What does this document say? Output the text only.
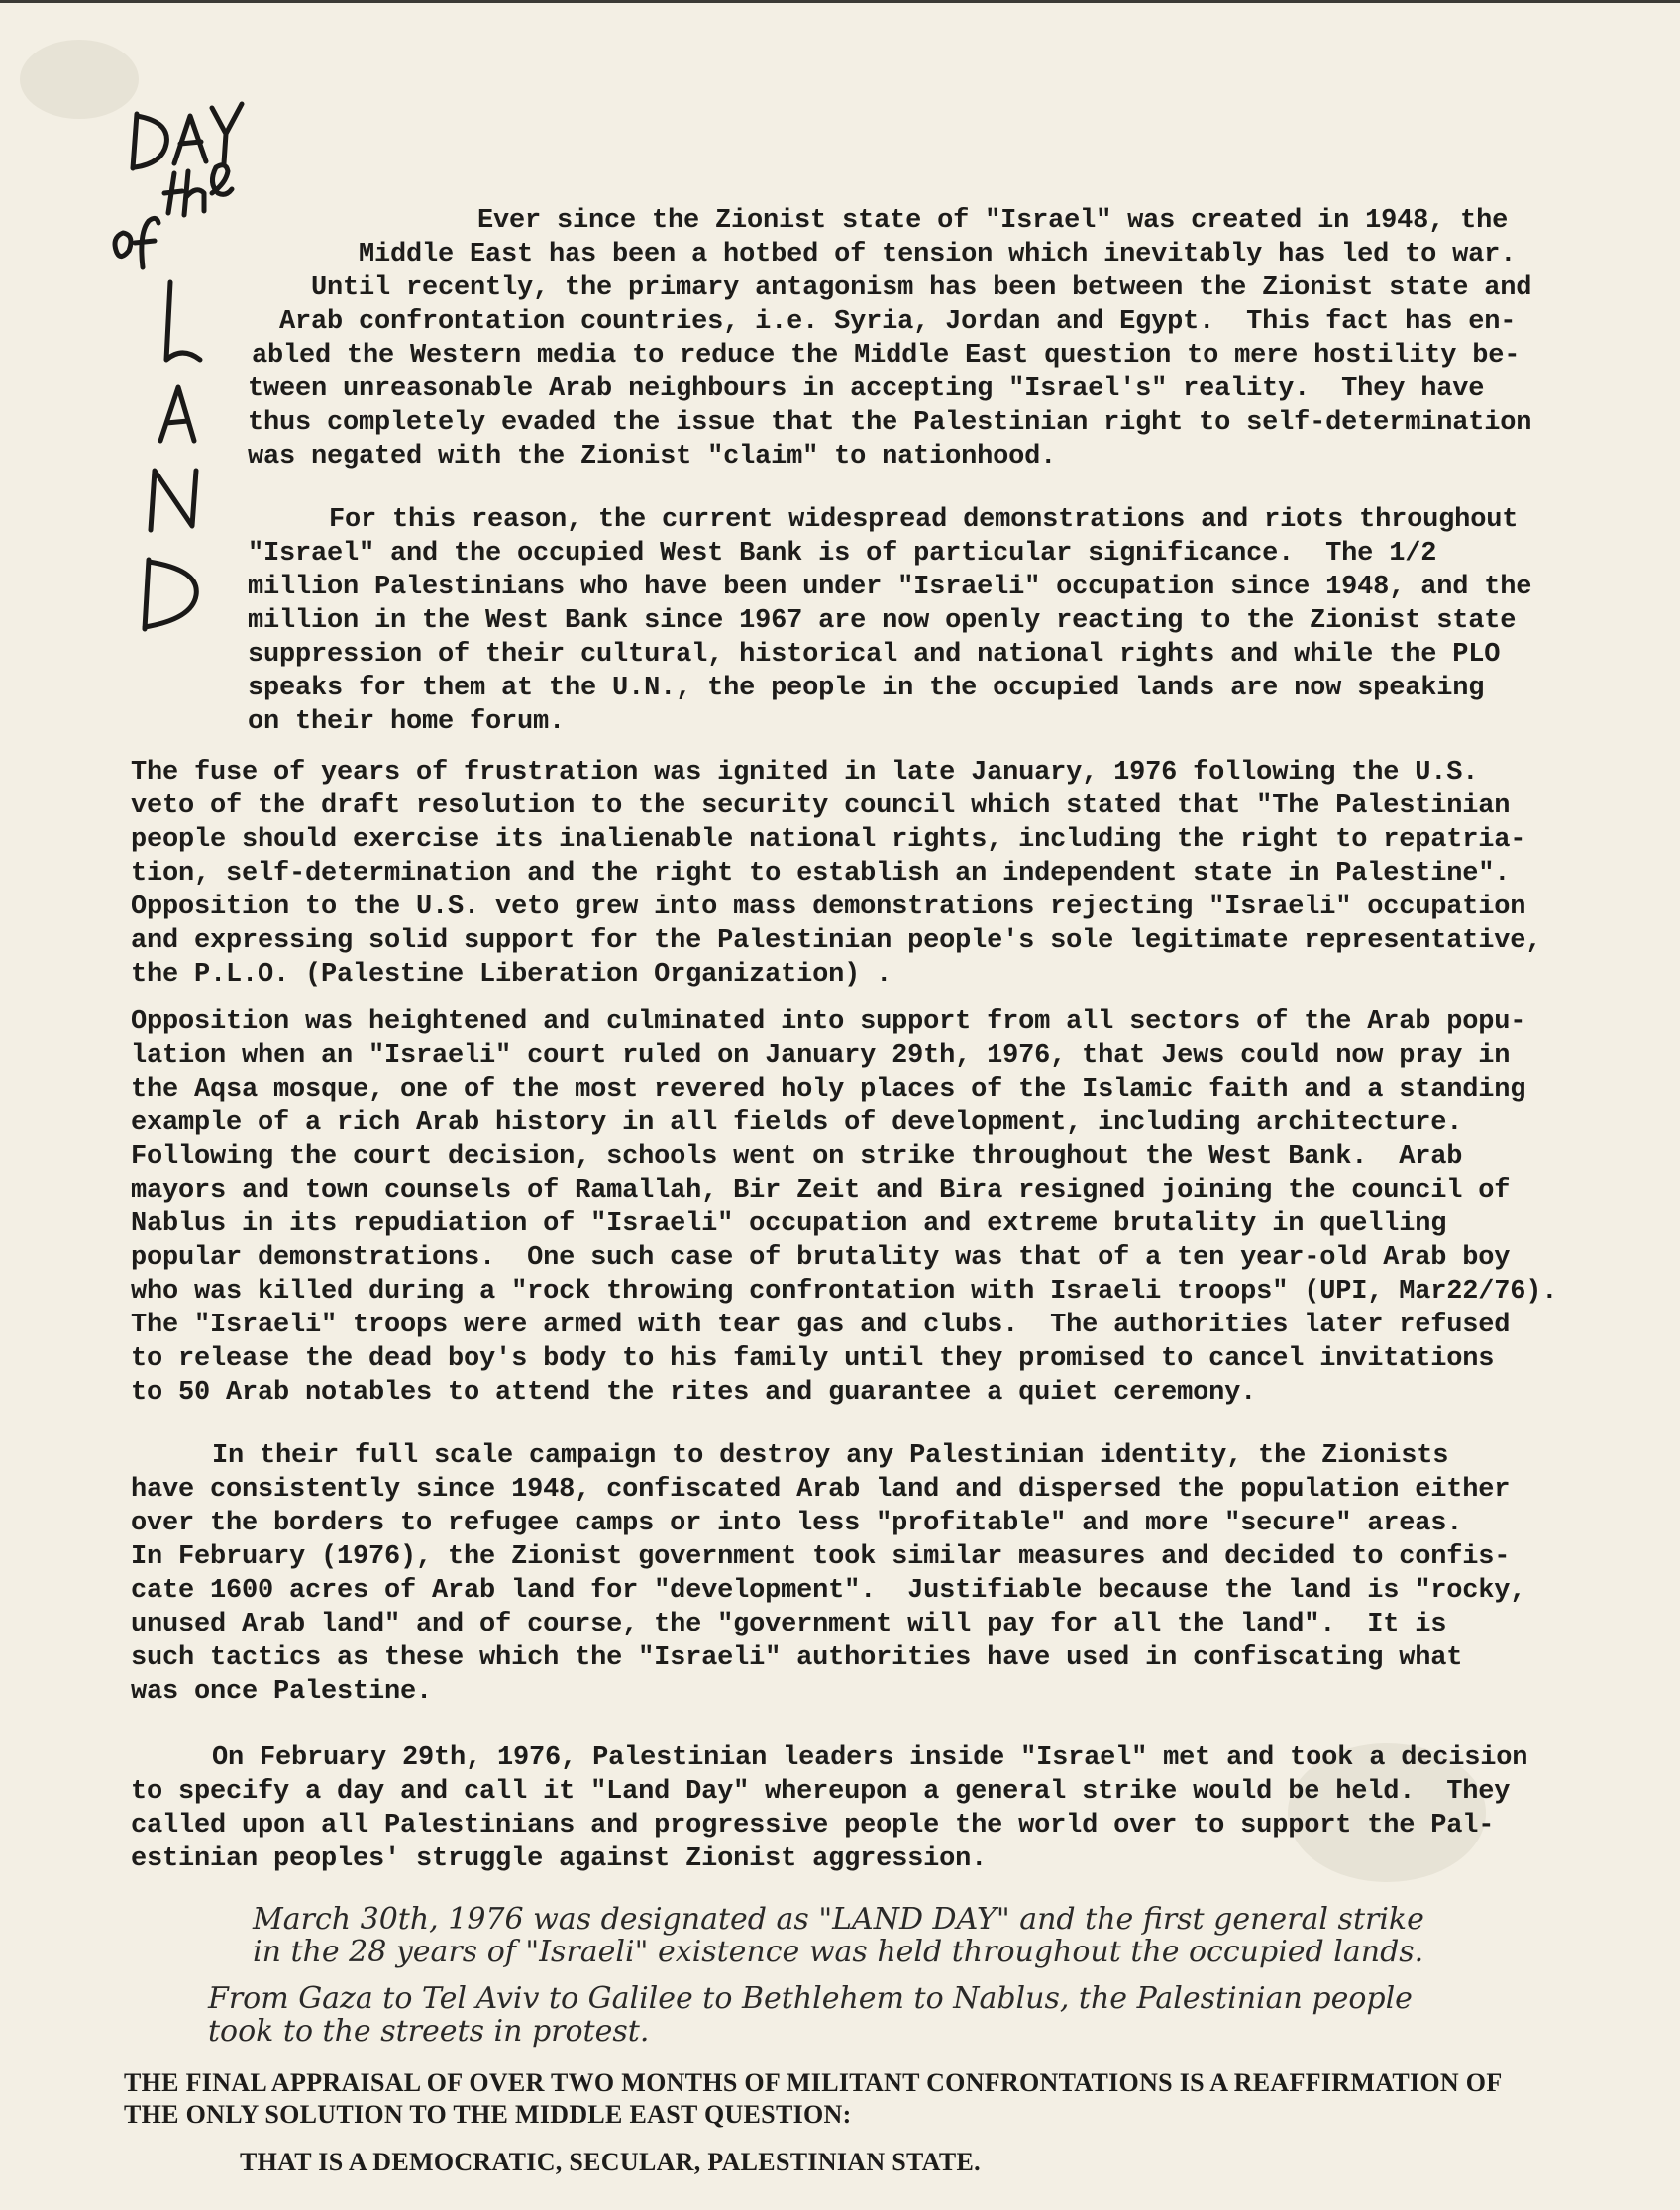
Ever since the Zionist state of "Israel" was created in 1948, the
Middle East has been a hotbed of tension which inevitably has led to war.
Until recently, the primary antagonism has been between the Zionist state and
Arab confrontation countries, i.e. Syria, Jordan and Egypt.  This fact has en-
abled the Western media to reduce the Middle East question to mere hostility be-
tween unreasonable Arab neighbours in accepting "Israel's" reality.  They have
thus completely evaded the issue that the Palestinian right to self-determination
was negated with the Zionist "claim" to nationhood.

For this reason, the current widespread demonstrations and riots throughout
"Israel" and the occupied West Bank is of particular significance.  The 1/2
million Palestinians who have been under "Israeli" occupation since 1948, and the
million in the West Bank since 1967 are now openly reacting to the Zionist state
suppression of their cultural, historical and national rights and while the PLO
speaks for them at the U.N., the people in the occupied lands are now speaking
on their home forum.

The fuse of years of frustration was ignited in late January, 1976 following the U.S.
veto of the draft resolution to the security council which stated that "The Palestinian
people should exercise its inalienable national rights, including the right to repatria-
tion, self-determination and the right to establish an independent state in Palestine".
Opposition to the U.S. veto grew into mass demonstrations rejecting "Israeli" occupation
and expressing solid support for the Palestinian people's sole legitimate representative,
the P.L.O. (Palestine Liberation Organization) .

Opposition was heightened and culminated into support from all sectors of the Arab popu-
lation when an "Israeli" court ruled on January 29th, 1976, that Jews could now pray in
the Aqsa mosque, one of the most revered holy places of the Islamic faith and a standing
example of a rich Arab history in all fields of development, including architecture.
Following the court decision, schools went on strike throughout the West Bank.  Arab
mayors and town counsels of Ramallah, Bir Zeit and Bira resigned joining the council of
Nablus in its repudiation of "Israeli" occupation and extreme brutality in quelling
popular demonstrations.  One such case of brutality was that of a ten year-old Arab boy
who was killed during a "rock throwing confrontation with Israeli troops" (UPI, Mar22/76).
The "Israeli" troops were armed with tear gas and clubs.  The authorities later refused
to release the dead boy's body to his family until they promised to cancel invitations
to 50 Arab notables to attend the rites and guarantee a quiet ceremony.

In their full scale campaign to destroy any Palestinian identity, the Zionists
have consistently since 1948, confiscated Arab land and dispersed the population either
over the borders to refugee camps or into less "profitable" and more "secure" areas.
In February (1976), the Zionist government took similar measures and decided to confis-
cate 1600 acres of Arab land for "development".  Justifiable because the land is "rocky,
unused Arab land" and of course, the "government will pay for all the land".  It is
such tactics as these which the "Israeli" authorities have used in confiscating what
was once Palestine.

On February 29th, 1976, Palestinian leaders inside "Israel" met and took a decision
to specify a day and call it "Land Day" whereupon a general strike would be held.  They
called upon all Palestinians and progressive people the world over to support the Pal-
estinian peoples' struggle against Zionist aggression.

March 30th, 1976 was designated as "LAND DAY" and the first general strike
in the 28 years of "Israeli" existence was held throughout the occupied lands.

From Gaza to Tel Aviv to Galilee to Bethlehem to Nablus, the Palestinian people
took to the streets in protest.

THE FINAL APPRAISAL OF OVER TWO MONTHS OF MILITANT CONFRONTATIONS IS A REAFFIRMATION OF
THE ONLY SOLUTION TO THE MIDDLE EAST QUESTION:

THAT IS A DEMOCRATIC, SECULAR, PALESTINIAN STATE.
